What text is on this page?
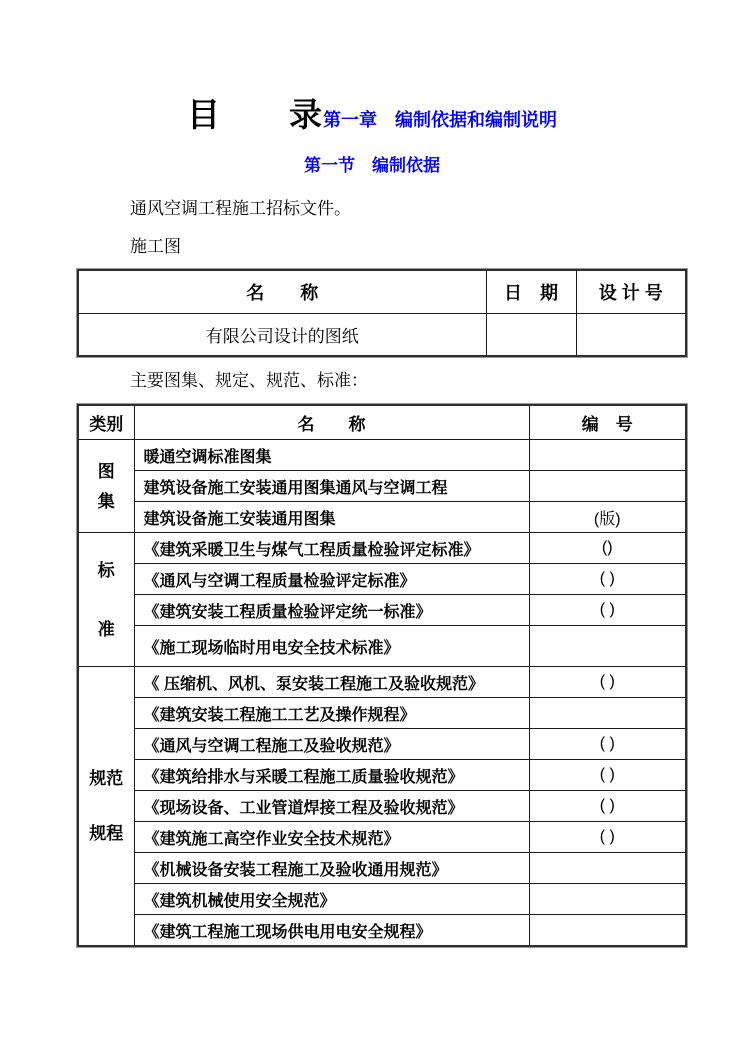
目　　录第一章　编制依据和编制说明
第一节　编制依据

通风空调工程施工招标文件。

施工图

名　　称	日　期	设 计 号
有限公司设计的图纸		

主要图集、规定、规范、标准：

类别	名　　称	编　号

图
集	暖通空调标准图集	
	建筑设备施工安装通用图集通风与空调工程	
	建筑设备施工安装通用图集	(版)

标
准	《建筑采暖卫生与煤气工程质量检验评定标准》	()
	《通风与空调工程质量检验评定标准》	( )
	《建筑安装工程质量检验评定统一标准》	( )
	《施工现场临时用电安全技术标准》	

规范
规程	《 压缩机、风机、泵安装工程施工及验收规范》	( )
	《建筑安装工程施工工艺及操作规程》	
	《通风与空调工程施工及验收规范》	( )
	《建筑给排水与采暖工程施工质量验收规范》	( )
	《现场设备、工业管道焊接工程及验收规范》	( )
	《建筑施工高空作业安全技术规范》	( )
	《机械设备安装工程施工及验收通用规范》	
	《建筑机械使用安全规范》	
	《建筑工程施工现场供电用电安全规程》	
